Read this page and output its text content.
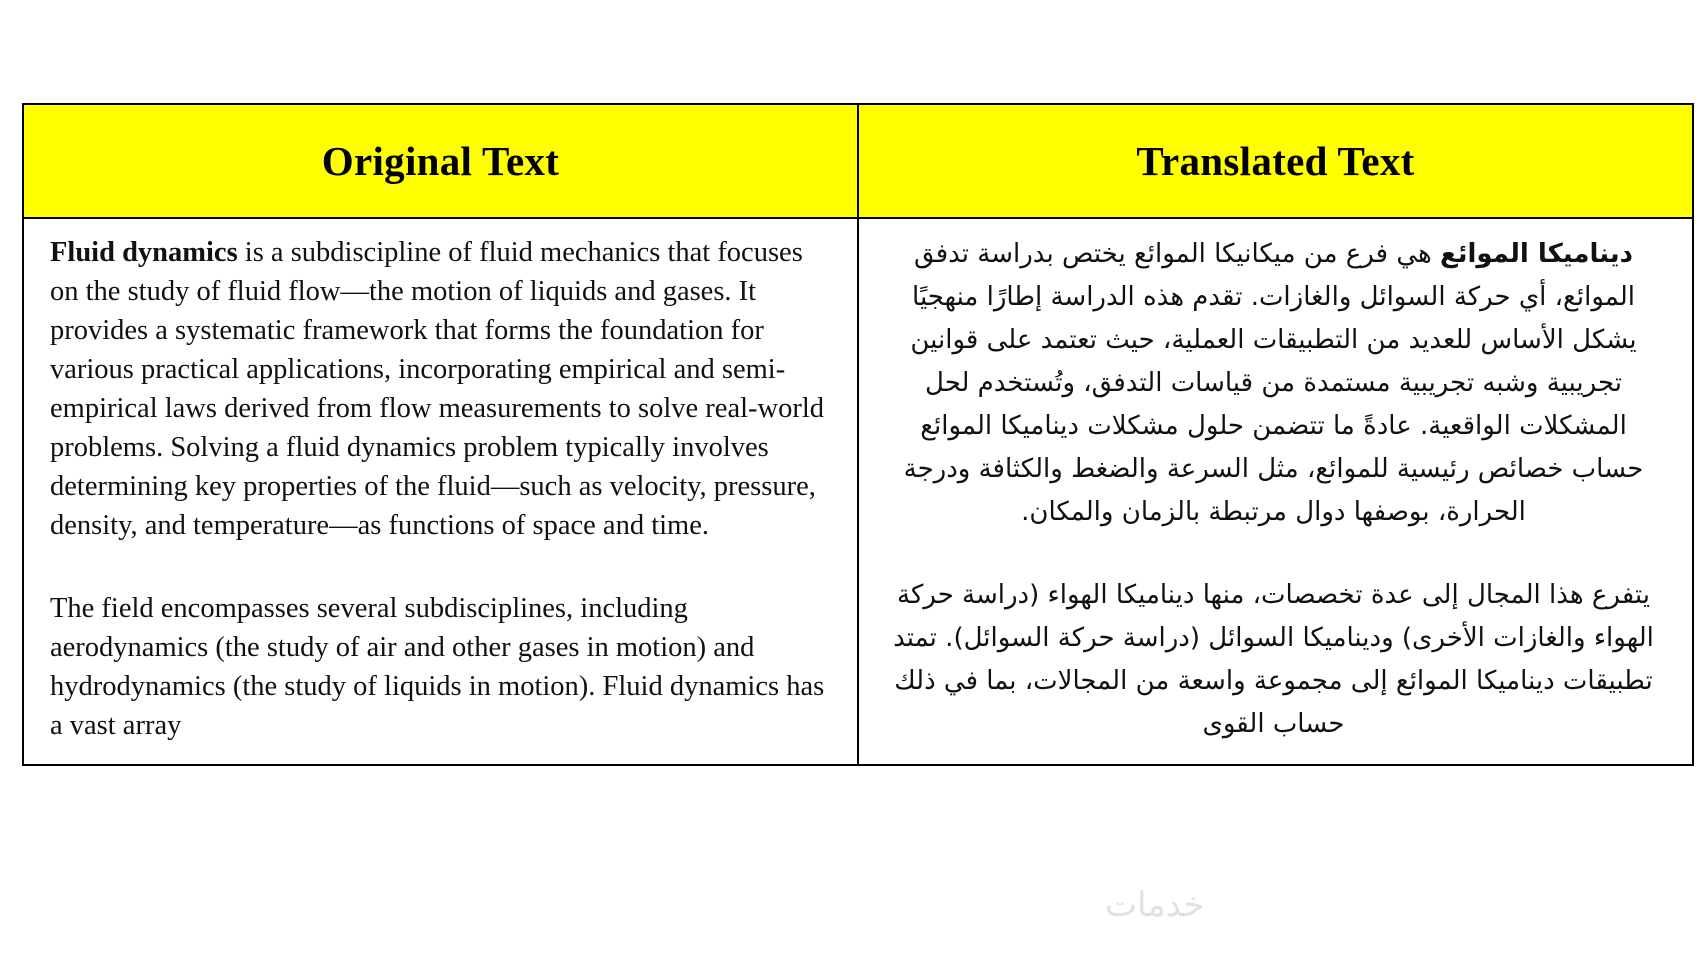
Original Text	Translated Text

Fluid dynamics is a subdiscipline of fluid mechanics that focuses on the study of fluid flow—the motion of liquids and gases. It provides a systematic framework that forms the foundation for various practical applications, incorporating empirical and semi-empirical laws derived from flow measurements to solve real-world problems. Solving a fluid dynamics problem typically involves determining key properties of the fluid—such as velocity, pressure, density, and temperature—as functions of space and time.

The field encompasses several subdisciplines, including aerodynamics (the study of air and other gases in motion) and hydrodynamics (the study of liquids in motion). Fluid dynamics has a vast array

ديناميكا الموائع هي فرع من ميكانيكا الموائع يختص بدراسة تدفق الموائع، أي حركة السوائل والغازات. تقدم هذه الدراسة إطارًا منهجيًا يشكل الأساس للعديد من التطبيقات العملية، حيث تعتمد على قوانين تجريبية وشبه تجريبية مستمدة من قياسات التدفق، وتُستخدم لحل المشكلات الواقعية. عادةً ما تتضمن حلول مشكلات ديناميكا الموائع حساب خصائص رئيسية للموائع، مثل السرعة والضغط والكثافة ودرجة الحرارة، بوصفها دوال مرتبطة بالزمان والمكان.

يتفرع هذا المجال إلى عدة تخصصات، منها ديناميكا الهواء (دراسة حركة الهواء والغازات الأخرى) وديناميكا السوائل (دراسة حركة السوائل). تمتد تطبيقات ديناميكا الموائع إلى مجموعة واسعة من المجالات، بما في ذلك حساب القوى

خدمات
